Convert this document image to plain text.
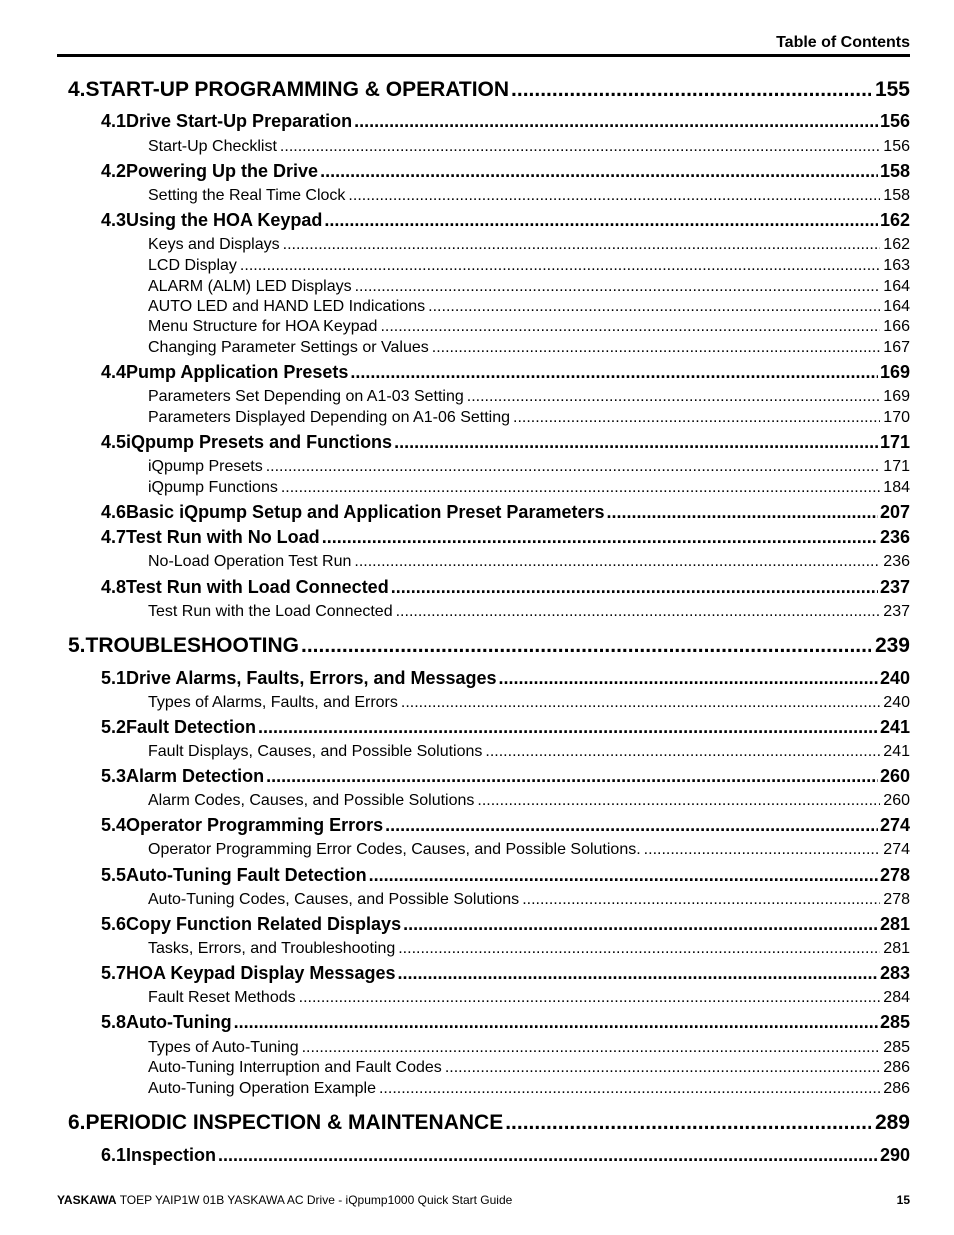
Table of Contents
4. START-UP PROGRAMMING & OPERATION .....	155
4.1 Drive Start-Up Preparation .....	156
Start-Up Checklist .....	156
4.2 Powering Up the Drive .....	158
Setting the Real Time Clock .....	158
4.3 Using the HOA Keypad .....	162
Keys and Displays .....	162
LCD Display .....	163
ALARM (ALM) LED Displays .....	164
AUTO LED and HAND LED Indications .....	164
Menu Structure for HOA Keypad .....	166
Changing Parameter Settings or Values .....	167
4.4 Pump Application Presets .....	169
Parameters Set Depending on A1-03 Setting .....	169
Parameters Displayed Depending on A1-06 Setting .....	170
4.5 iQpump Presets and Functions .....	171
iQpump Presets .....	171
iQpump Functions .....	184
4.6 Basic iQpump Setup and Application Preset Parameters .....	207
4.7 Test Run with No Load .....	236
No-Load Operation Test Run .....	236
4.8 Test Run with Load Connected .....	237
Test Run with the Load Connected .....	237
5. TROUBLESHOOTING .....	239
5.1 Drive Alarms, Faults, Errors, and Messages .....	240
Types of Alarms, Faults, and Errors .....	240
5.2 Fault Detection .....	241
Fault Displays, Causes, and Possible Solutions .....	241
5.3 Alarm Detection .....	260
Alarm Codes, Causes, and Possible Solutions .....	260
5.4 Operator Programming Errors .....	274
Operator Programming Error Codes, Causes, and Possible Solutions. .....	274
5.5 Auto-Tuning Fault Detection .....	278
Auto-Tuning Codes, Causes, and Possible Solutions .....	278
5.6 Copy Function Related Displays .....	281
Tasks, Errors, and Troubleshooting .....	281
5.7 HOA Keypad Display Messages .....	283
Fault Reset Methods .....	284
5.8 Auto-Tuning .....	285
Types of Auto-Tuning .....	285
Auto-Tuning Interruption and Fault Codes .....	286
Auto-Tuning Operation Example .....	286
6. PERIODIC INSPECTION & MAINTENANCE .....	289
6.1 Inspection .....	290
YASKAWA TOEP YAIP1W 01B YASKAWA AC Drive - iQpump1000 Quick Start Guide	15
